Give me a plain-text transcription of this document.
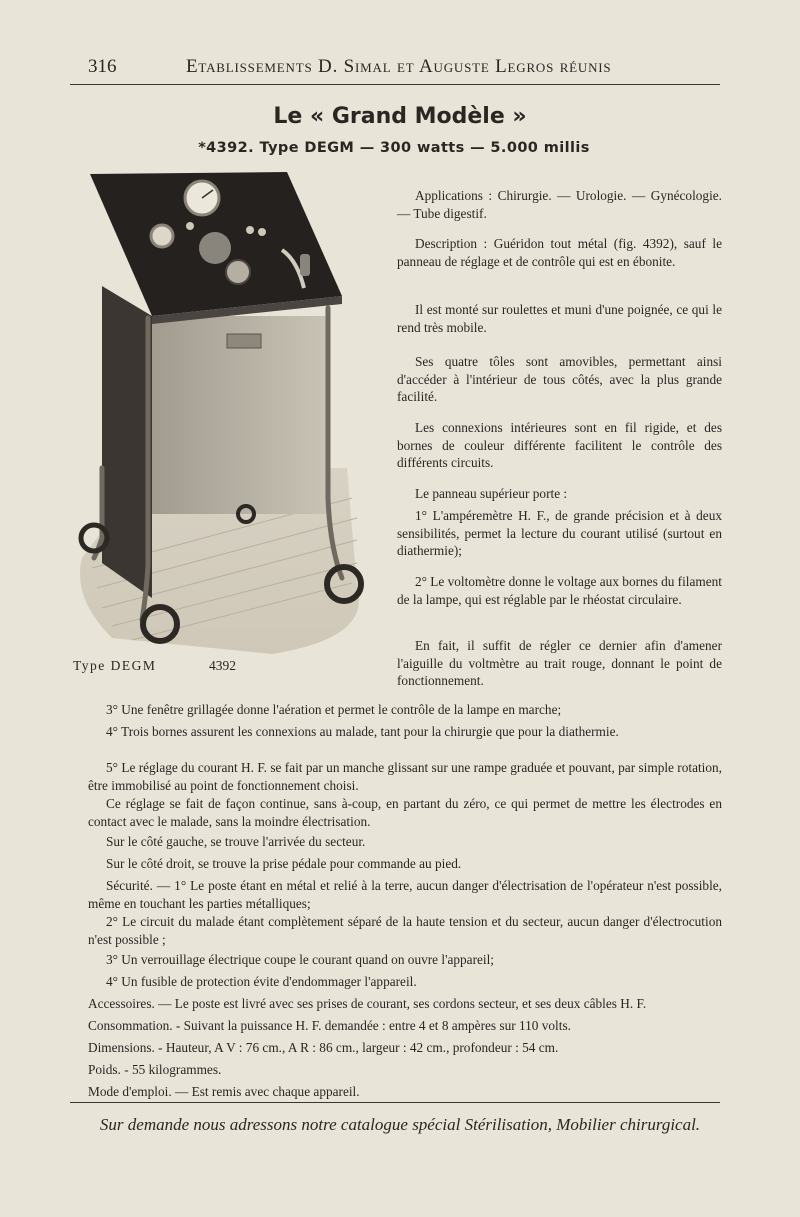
316	Etablissements D. Simal et Auguste Legros réunis
Le « Grand Modèle »
*4392. Type DEGM — 300 watts — 5.000 millis
Type DEGM	4392

Applications : Chirurgie. — Urologie. — Gynécologie. — Tube digestif.

Description : Guéridon tout métal (fig. 4392), sauf le panneau de réglage et de contrôle qui est en ébonite.

Il est monté sur roulettes et muni d'une poignée, ce qui le rend très mobile.

Ses quatre tôles sont amovibles, permettant ainsi d'accéder à l'intérieur de tous côtés, avec la plus grande facilité.

Les connexions intérieures sont en fil rigide, et des bornes de couleur différente facilitent le contrôle des différents circuits.

Le panneau supérieur porte :

1° L'ampéremètre H. F., de grande précision et à deux sensibilités, permet la lecture du courant utilisé (surtout en diathermie);

2° Le voltomètre donne le voltage aux bornes du filament de la lampe, qui est réglable par le rhéostat circulaire.

En fait, il suffit de régler ce dernier afin d'amener l'aiguille du voltmètre au trait rouge, donnant le point de fonctionnement.

3° Une fenêtre grillagée donne l'aération et permet le contrôle de la lampe en marche;

4° Trois bornes assurent les connexions au malade, tant pour la chirurgie que pour la diathermie.

5° Le réglage du courant H. F. se fait par un manche glissant sur une rampe graduée et pouvant, par simple rotation, être immobilisé au point de fonctionnement choisi.

Ce réglage se fait de façon continue, sans à-coup, en partant du zéro, ce qui permet de mettre les électrodes en contact avec le malade, sans la moindre électrisation.

Sur le côté gauche, se trouve l'arrivée du secteur.

Sur le côté droit, se trouve la prise pédale pour commande au pied.

Sécurité. — 1° Le poste étant en métal et relié à la terre, aucun danger d'électrisation de l'opérateur n'est possible, même en touchant les parties métalliques;

2° Le circuit du malade étant complètement séparé de la haute tension et du secteur, aucun danger d'électrocution n'est possible ;

3° Un verrouillage électrique coupe le courant quand on ouvre l'appareil;

4° Un fusible de protection évite d'endommager l'appareil.

Accessoires. — Le poste est livré avec ses prises de courant, ses cordons secteur, et ses deux câbles H. F.

Consommation. - Suivant la puissance H. F. demandée : entre 4 et 8 ampères sur 110 volts.

Dimensions. - Hauteur, A V : 76 cm., A R : 86 cm., largeur : 42 cm., profondeur : 54 cm.

Poids. - 55 kilogrammes.

Mode d'emploi. — Est remis avec chaque appareil.

Sur demande nous adressons notre catalogue spécial Stérilisation, Mobilier chirurgical.
